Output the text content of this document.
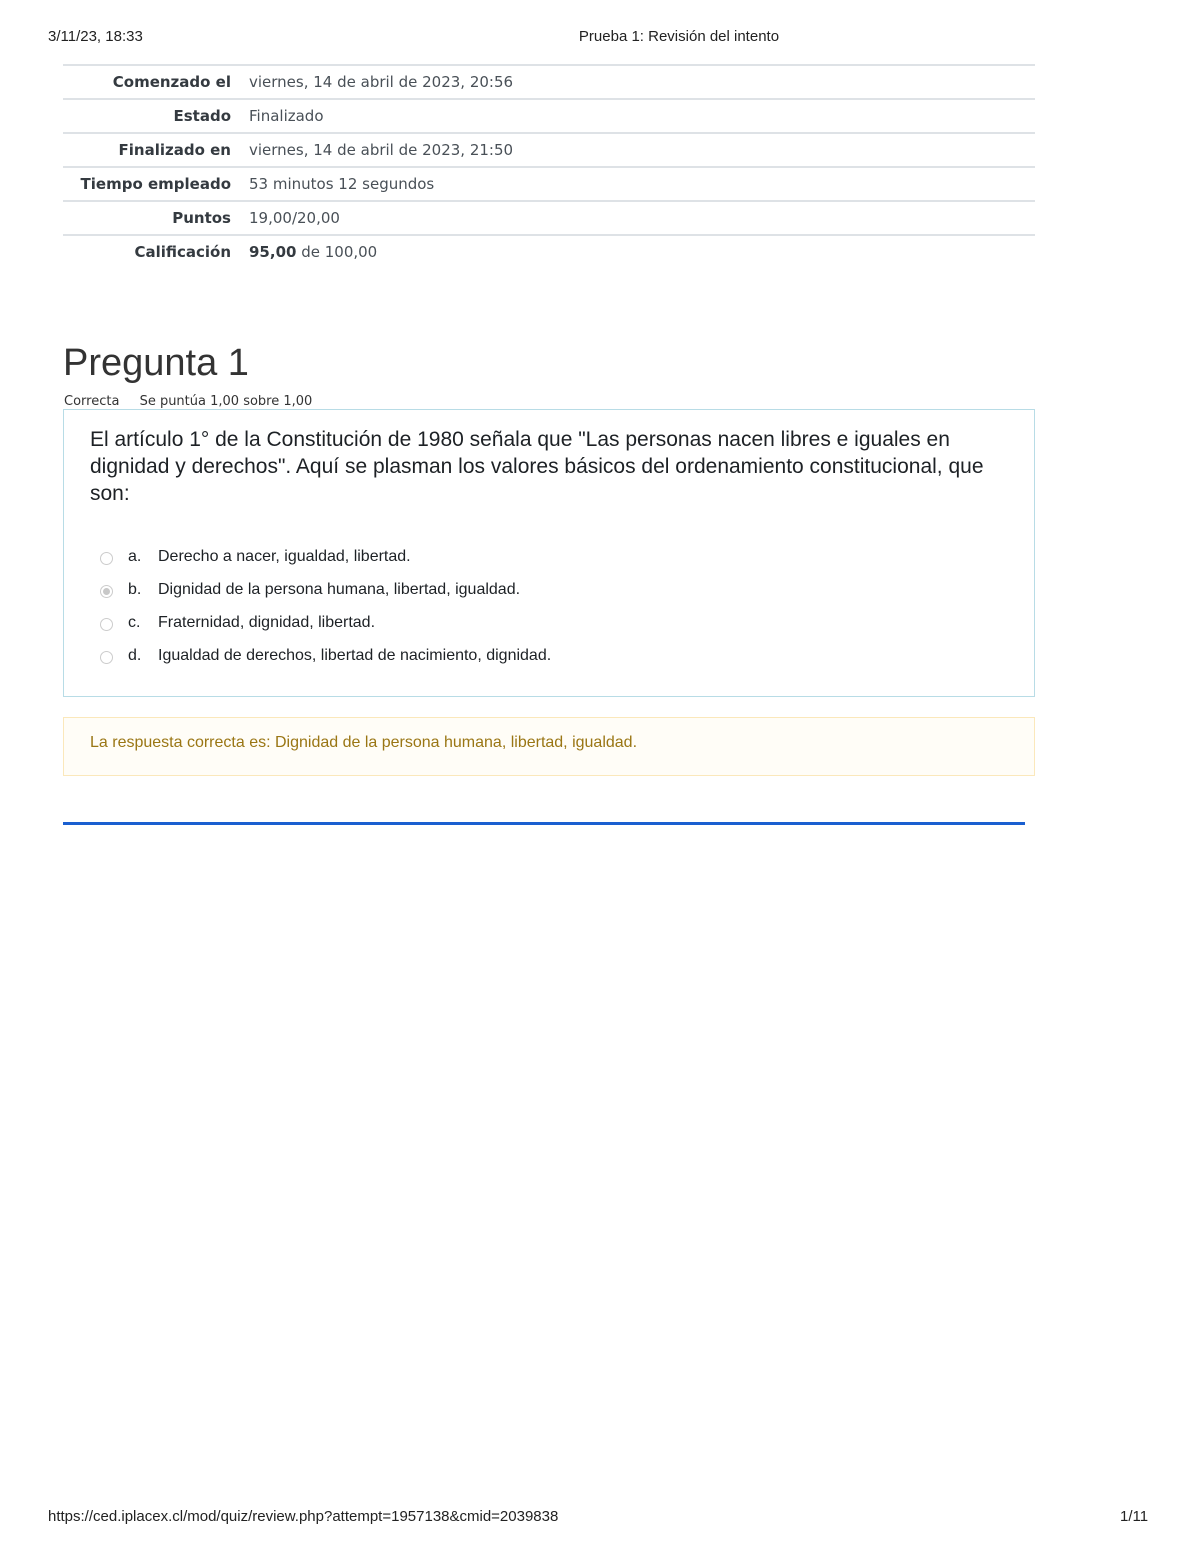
3/11/23, 18:33	Prueba 1: Revisión del intento
Comenzado el	viernes, 14 de abril de 2023, 20:56
Estado	Finalizado
Finalizado en	viernes, 14 de abril de 2023, 21:50
Tiempo empleado	53 minutos 12 segundos
Puntos	19,00/20,00
Calificación	95,00 de 100,00
Pregunta 1
Correcta Se puntúa 1,00 sobre 1,00
El artículo 1° de la Constitución de 1980 señala que "Las personas nacen libres e iguales en dignidad y derechos". Aquí se plasman los valores básicos del ordenamiento constitucional, que son:
a. Derecho a nacer, igualdad, libertad.
b. Dignidad de la persona humana, libertad, igualdad.
c. Fraternidad, dignidad, libertad.
d. Igualdad de derechos, libertad de nacimiento, dignidad.
La respuesta correcta es: Dignidad de la persona humana, libertad, igualdad.
https://ced.iplacex.cl/mod/quiz/review.php?attempt=1957138&cmid=2039838	1/11
